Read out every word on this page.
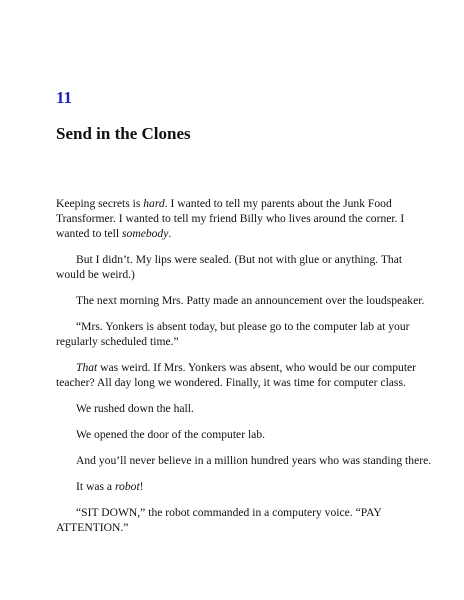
11
Send in the Clones

Keeping secrets is hard. I wanted to tell my parents about the Junk Food
Transformer. I wanted to tell my friend Billy who lives around the corner. I
wanted to tell somebody.

But I didn’t. My lips were sealed. (But not with glue or anything. That
would be weird.)

The next morning Mrs. Patty made an announcement over the loudspeaker.

“Mrs. Yonkers is absent today, but please go to the computer lab at your
regularly scheduled time.”

That was weird. If Mrs. Yonkers was absent, who would be our computer
teacher? All day long we wondered. Finally, it was time for computer class.

We rushed down the hall.

We opened the door of the computer lab.

And you’ll never believe in a million hundred years who was standing there.

It was a robot!

“SIT DOWN,” the robot commanded in a computery voice. “PAY
ATTENTION.”
